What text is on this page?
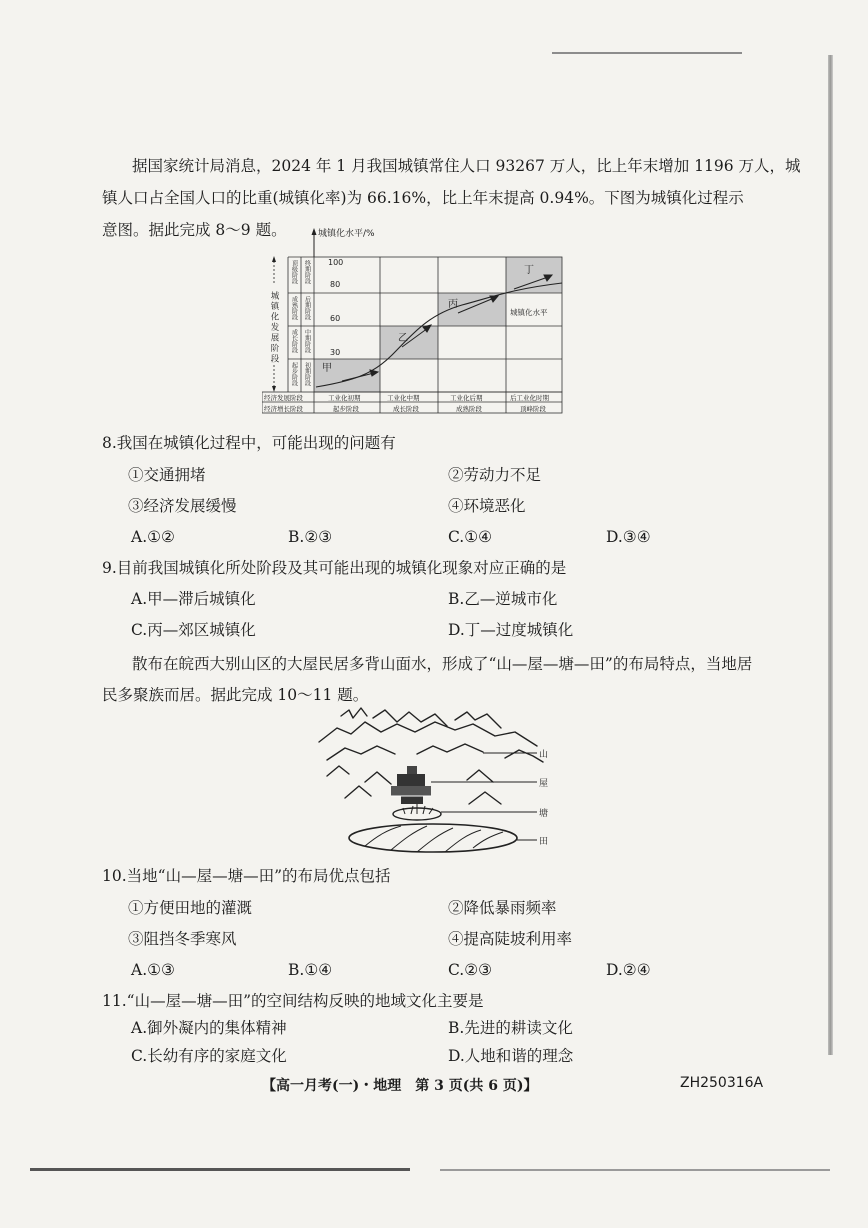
据国家统计局消息，2024 年 1 月我国城镇常住人口 93267 万人，比上年末增加 1196 万人，城
镇人口占全国人口的比重(城镇化率)为 66.16%，比上年末提高 0.94%。下图为城镇化过程示
意图。据此完成 8～9 题。	城镇化水平/%
100
80
60
30
城镇化发展阶段
顶级阶段 终期阶段
成熟阶段 后期阶段
中期阶段
成长阶段
初期阶段
起步阶段 甲
乙
丙
丁
城镇化水平
经济发展阶段
经济增长阶段
工业化初期	工业化中期	工业化后期	后工业化时期
起步阶段	成长阶段	成熟阶段	顶峰阶段
8.我国在城镇化过程中，可能出现的问题有
①交通拥堵	②劳动力不足
③经济发展缓慢	④环境恶化
A.①②	B.②③	C.①④	D.③④
9.目前我国城镇化所处阶段及其可能出现的城镇化现象对应正确的是
A.甲—滞后城镇化	B.乙—逆城市化
C.丙—郊区城镇化	D.丁—过度城镇化
散布在皖西大别山区的大屋民居多背山面水，形成了“山—屋—塘—田”的布局特点，当地居
民多聚族而居。据此完成 10～11 题。
山
屋
塘
田
10.当地“山—屋—塘—田”的布局优点包括
①方便田地的灌溉	②降低暴雨频率
③阻挡冬季寒风	④提高陡坡利用率
A.①③	B.①④	C.②③	D.②④
11.“山—屋—塘—田”的空间结构反映的地域文化主要是
A.御外凝内的集体精神	B.先进的耕读文化
C.长幼有序的家庭文化	D.人地和谐的理念
【高一月考(一)・地理　第 3 页(共 6 页)】	ZH250316A
